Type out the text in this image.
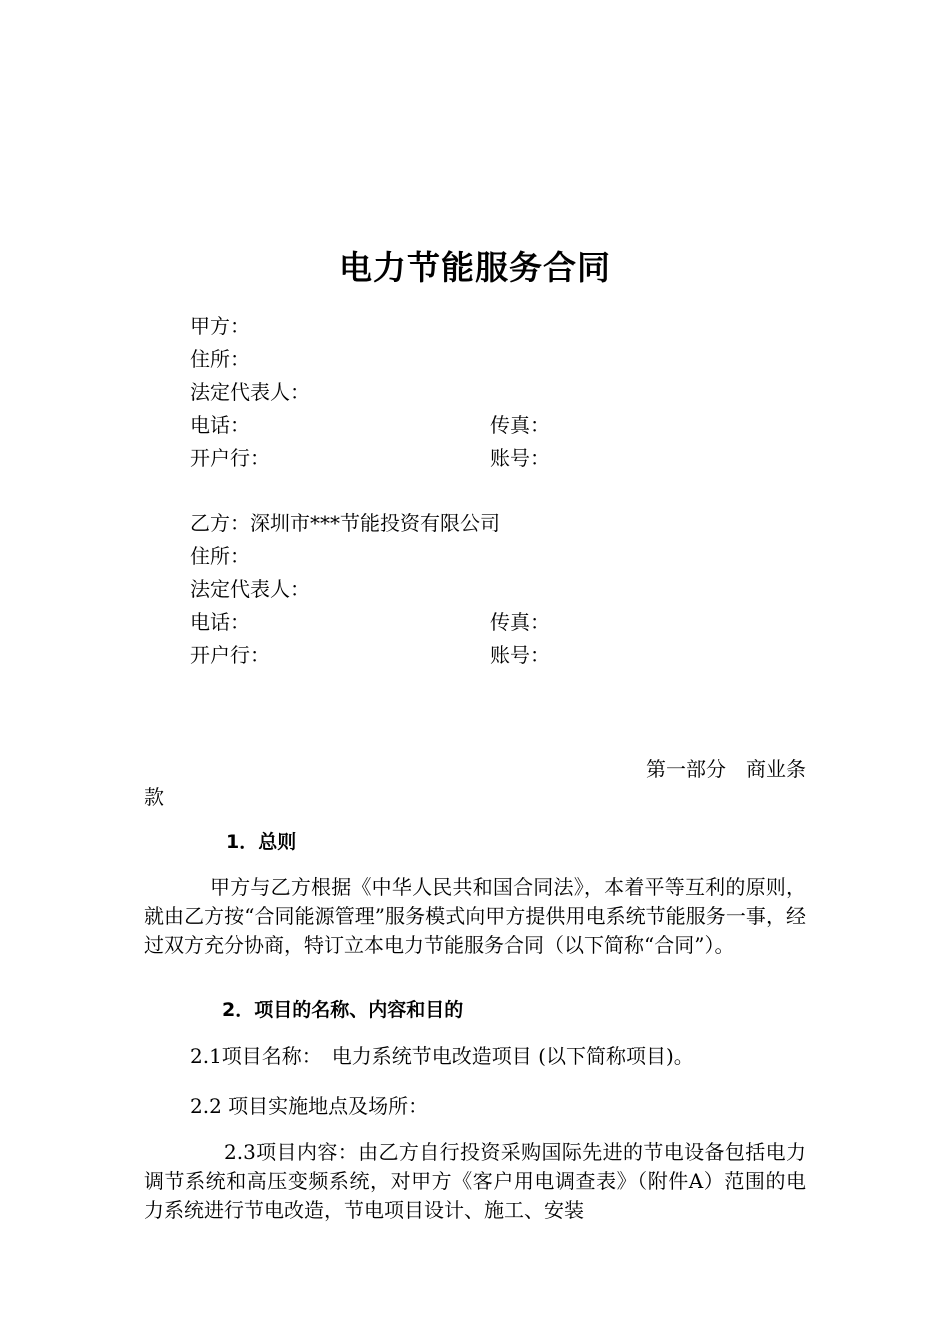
电力节能服务合同
甲方：
住所：
法定代表人：
电话：	传真：
开户行：	账号：
乙方：深圳市***节能投资有限公司
住所：
法定代表人：
电话：	传真：
开户行：	账号：
第一部分　商业条
款
1．总则
甲方与乙方根据《中华人民共和国合同法》，本着平等互利的原则，就由乙方按“合同能源管理”服务模式向甲方提供用电系统节能服务一事，经过双方充分协商，特订立本电力节能服务合同（以下简称“合同”）。
2．项目的名称、内容和目的
2.1项目名称：　电力系统节电改造项目 (以下简称项目)。
2.2 项目实施地点及场所：
2.3项目内容：由乙方自行投资采购国际先进的节电设备包括电力调节系统和高压变频系统，对甲方《客户用电调查表》（附件A）范围的电力系统进行节电改造，节电项目设计、施工、安装
